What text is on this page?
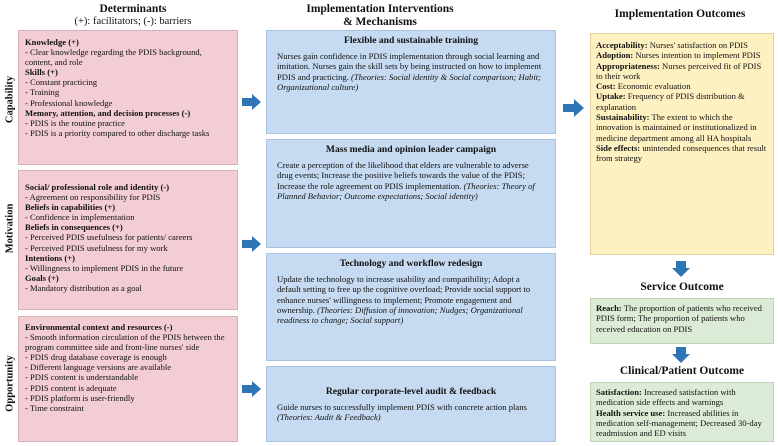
Determinants
(+): facilitators; (-): barriers
Implementation Interventions
& Mechanisms
Implementation Outcomes
Capability
Motivation
Opportunity
Knowledge (+)
- Clear knowledge regarding the PDIS background, content, and role
Skills (+)
- Constant practicing
- Training
- Professional knowledge
Memory, attention, and decision processes (-)
- PDIS is the routine practice
- PDIS is a priority compared to other discharge tasks
Social/ professional role and identity (-)
- Agreement on responsibility for PDIS
Beliefs in capabilities (+)
- Confidence in implementation
Beliefs in consequences (+)
- Perceived PDIS usefulness for patients/ careers
- Perceived PDIS usefulness for my work
Intentions (+)
- Willingness to implement PDIS in the future
Goals (+)
- Mandatory distribution as a goal
Environmental context and resources (-)
- Smooth information circulation of the PDIS between the program committee side and front-line nurses' side
- PDIS drug database coverage is enough
- Different language versions are available
- PDIS content is understandable
- PDIS content is adequate
- PDIS platform is user-friendly
- Time constraint
Flexible and sustainable training
Nurses gain confidence in PDIS implementation through social learning and imitation. Nurses gain the skill sets by being instructed on how to implement PDIS and practicing. (Theories: Social identity & Social comparison; Habit; Organizational culture)
Mass media and opinion leader campaign
Create a perception of the likelihood that elders are vulnerable to adverse drug events; Increase the positive beliefs towards the value of the PDIS; Increase the role agreement on PDIS implementation. (Theories: Theory of Planned Behavior; Outcome expectations; Social identity)
Technology and workflow redesign
Update the technology to increase usability and compatibility; Adopt a default setting to free up the cognitive overload; Provide social support to enhance nurses' willingness to implement; Promote engagement and ownership. (Theories: Diffusion of innovation; Nudges; Organizational readiness to change; Social support)
Regular corporate-level audit & feedback
Guide nurses to successfully implement PDIS with concrete action plans (Theories: Audit & Feedback)
Acceptability: Nurses' satisfaction on PDIS
Adoption: Nurses intention to implement PDIS
Appropriateness: Nurses perceived fit of PDIS to their work
Cost: Economic evaluation
Uptake: Frequency of PDIS distribution & explanation
Sustainability: The extent to which the innovation is maintained or institutionalized in medicine department among all HA hospitals
Side effects: unintended consequences that result from strategy
Service Outcome
Reach: The proportion of patients who received PDIS form; The proportion of patients who received education on PDIS
Clinical/Patient Outcome
Satisfaction: Increased satisfaction with medication side effects and warnings
Health service use: Increased abilities in medication self-management; Decreased 30-day readmission and ED visits
